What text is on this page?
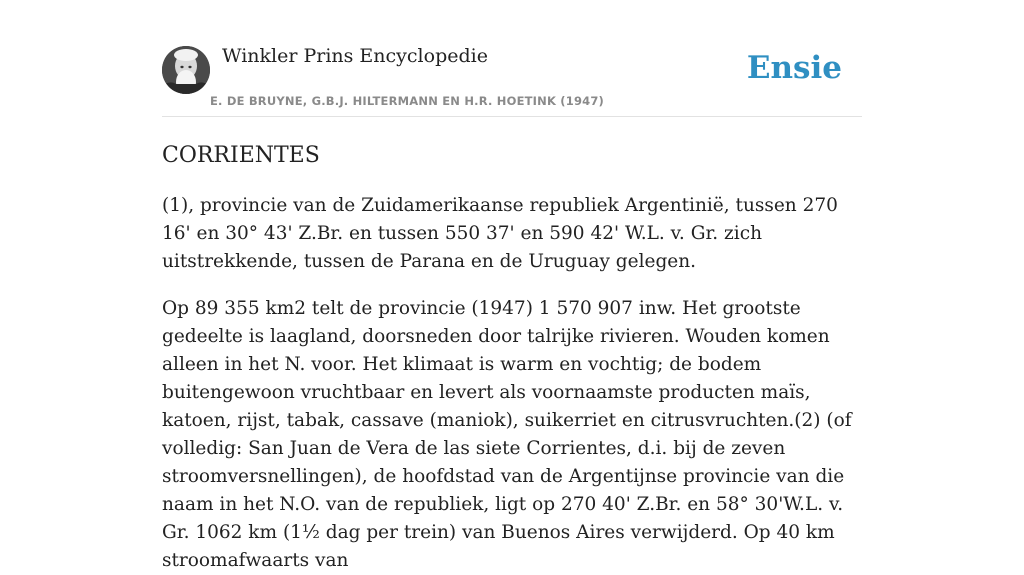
Winkler Prins Encyclopedie
E. DE BRUYNE, G.B.J. HILTERMANN EN H.R. HOETINK (1947)
Ensie
CORRIENTES

(1), provincie van de Zuidamerikaanse republiek Argentinië, tussen 270 16' en 30° 43' Z.Br. en tussen 550 37' en 590 42' W.L. v. Gr. zich uitstrekkende, tussen de Parana en de Uruguay gelegen.

Op 89 355 km2 telt de provincie (1947) 1 570 907 inw. Het grootste gedeelte is laagland, doorsneden door talrijke rivieren. Wouden komen alleen in het N. voor. Het klimaat is warm en vochtig; de bodem buitengewoon vruchtbaar en levert als voornaamste producten maïs, katoen, rijst, tabak, cassave (maniok), suikerriet en citrusvruchten.(2) (of volledig: San Juan de Vera de las siete Corrientes, d.i. bij de zeven stroomversnellingen), de hoofdstad van de Argentijnse provincie van die naam in het N.O. van de republiek, ligt op 270 40' Z.Br. en 58° 30'W.L. v. Gr. 1062 km (1½ dag per trein) van Buenos Aires verwijderd. Op 40 km stroomafwaarts van
